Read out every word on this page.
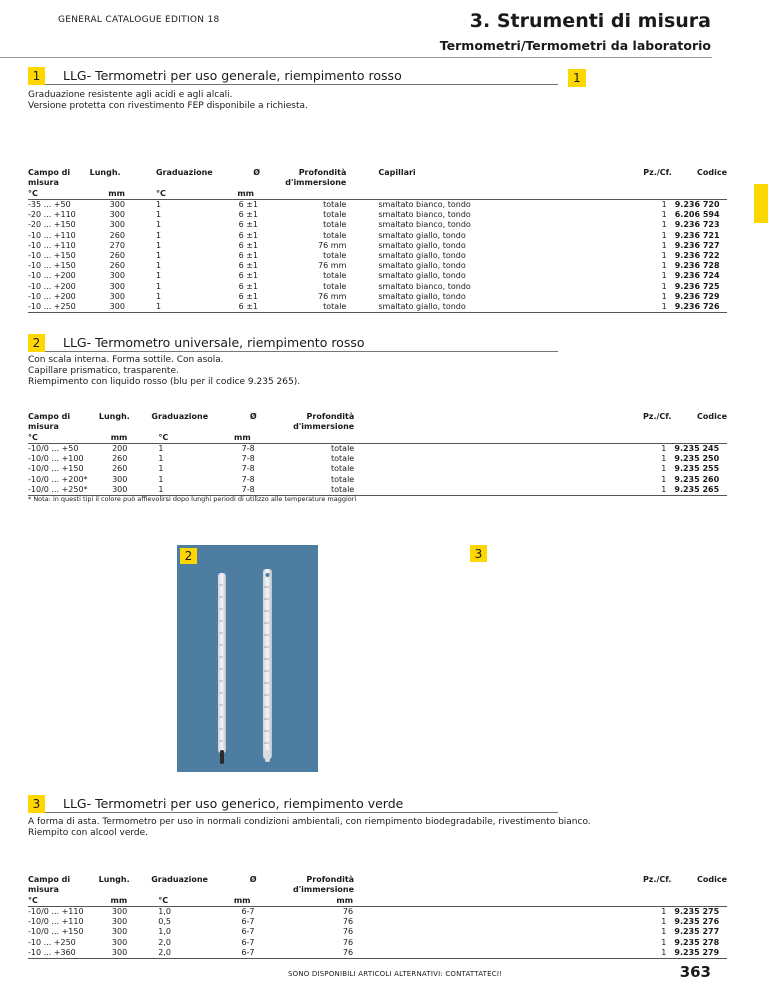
GENERAL CATALOGUE EDITION 18	3. Strumenti di misura
Termometri/Termometri da laboratorio
1	LLG- Termometri per uso generale, riempimento rosso	1
Graduazione resistente agli acidi e agli alcali.
Versione protetta con rivestimento FEP disponibile a richiesta.
Campo di misura	Lungh.	Graduazione	Ø	Profondità d'immersione	Capillari	Pz./Cf.	Codice
°C	mm	°C	mm				
-35 ... +50	300	1	6 ±1	totale	smaltato bianco, tondo	1	9.236 720
-20 ... +110	300	1	6 ±1	totale	smaltato bianco, tondo	1	6.206 594
-20 ... +150	300	1	6 ±1	totale	smaltato bianco, tondo	1	9.236 723
-10 ... +110	260	1	6 ±1	totale	smaltato giallo, tondo	1	9.236 721
-10 ... +110	270	1	6 ±1	76 mm	smaltato giallo, tondo	1	9.236 727
-10 ... +150	260	1	6 ±1	totale	smaltato giallo, tondo	1	9.236 722
-10 ... +150	260	1	6 ±1	76 mm	smaltato giallo, tondo	1	9.236 728
-10 ... +200	300	1	6 ±1	totale	smaltato giallo, tondo	1	9.236 724
-10 ... +200	300	1	6 ±1	totale	smaltato bianco, tondo	1	9.236 725
-10 ... +200	300	1	6 ±1	76 mm	smaltato giallo, tondo	1	9.236 729
-10 ... +250	300	1	6 ±1	totale	smaltato giallo, tondo	1	9.236 726
2	LLG- Termometro universale, riempimento rosso
Con scala interna. Forma sottile. Con asola.
Capillare prismatico, trasparente.
Riempimento con liquido rosso (blu per il codice 9.235 265).
Campo di misura	Lungh.	Graduazione	Ø	Profondità d'immersione	Pz./Cf.	Codice
°C	mm	°C	mm			
-10/0 ... +50	200	1	7-8	totale	1	9.235 245
-10/0 ... +100	260	1	7-8	totale	1	9.235 250
-10/0 ... +150	260	1	7-8	totale	1	9.235 255
-10/0 ... +200*	300	1	7-8	totale	1	9.235 260
-10/0 ... +250*	300	1	7-8	totale	1	9.235 265
* Nota: in questi tipi il colore può affievolirsi dopo lunghi periodi di utilizzo alle temperature maggiori
2	3
3	LLG- Termometri per uso generico, riempimento verde
A forma di asta. Termometro per uso in normali condizioni ambientali, con riempimento biodegradabile, rivestimento bianco.
Riempito con alcool verde.
Campo di misura	Lungh.	Graduazione	Ø	Profondità d'immersione	Pz./Cf.	Codice
°C	mm	°C	mm	mm		
-10/0 ... +110	300	1,0	6-7	76	1	9.235 275
-10/0 ... +110	300	0,5	6-7	76	1	9.235 276
-10/0 ... +150	300	1,0	6-7	76	1	9.235 277
-10 ... +250	300	2,0	6-7	76	1	9.235 278
-10 ... +360	300	2,0	6-7	76	1	9.235 279
SONO DISPONIBILI ARTICOLI ALTERNATIVI: CONTATTATECI!	363
